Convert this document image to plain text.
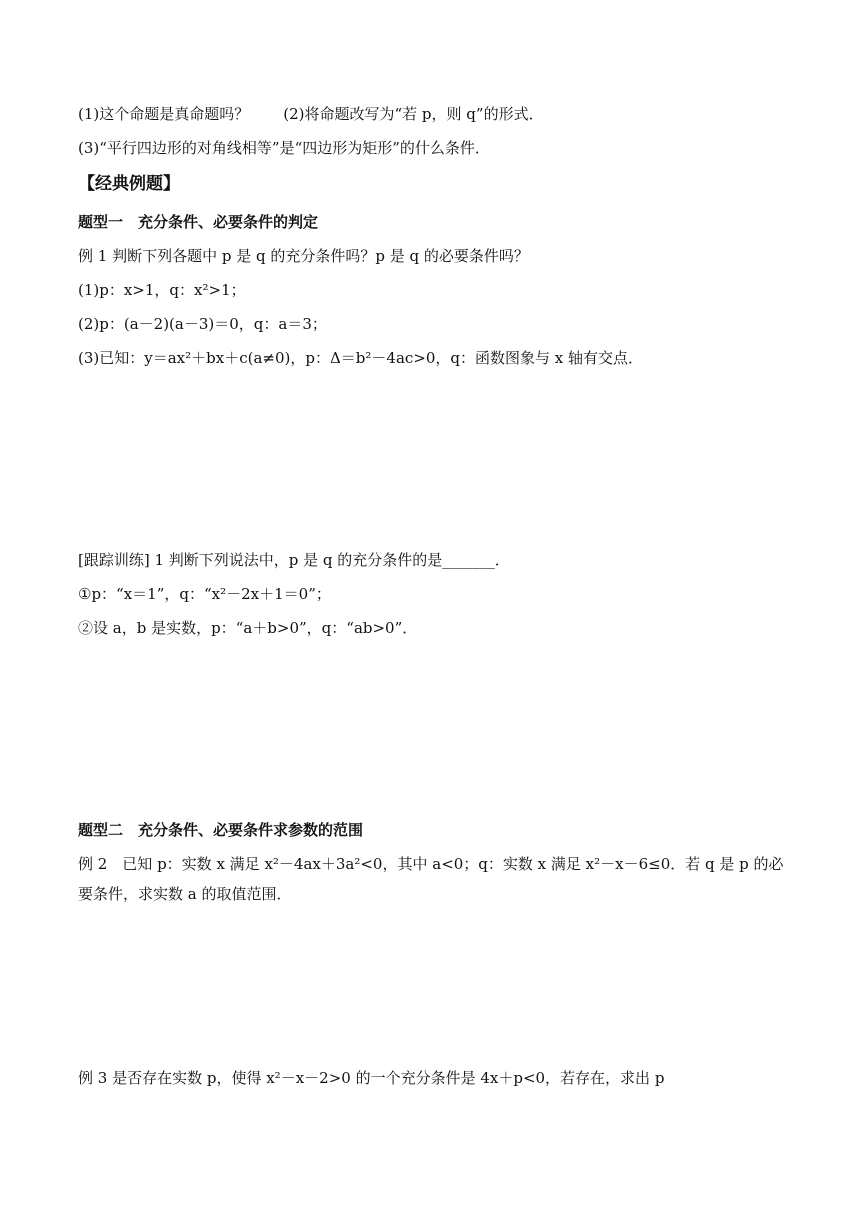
(1)这个命题是真命题吗？ (2)将命题改写为“若 p，则 q”的形式．
(3)“平行四边形的对角线相等”是“四边形为矩形”的什么条件．
【经典例题】
题型一　充分条件、必要条件的判定
例 1 判断下列各题中 p 是 q 的充分条件吗？p 是 q 的必要条件吗？
(1)p：x>1，q：x²>1；
(2)p：(a－2)(a－3)＝0，q：a＝3；
(3)已知：y＝ax²＋bx＋c(a≠0)，p：Δ＝b²－4ac>0，q：函数图象与 x 轴有交点．
[跟踪训练] 1 判断下列说法中，p 是 q 的充分条件的是_______．
①p：“x＝1”，q：“x²－2x＋1＝0”；
②设 a，b 是实数，p：“a＋b>0”，q：“ab>0”．
题型二　充分条件、必要条件求参数的范围
例 2　已知 p：实数 x 满足 x²－4ax＋3a²<0，其中 a<0；q：实数 x 满足 x²－x－6≤0．若 q 是 p 的必要条件，求实数 a 的取值范围．
例 3 是否存在实数 p，使得 x²－x－2>0 的一个充分条件是 4x＋p<0，若存在，求出 p
